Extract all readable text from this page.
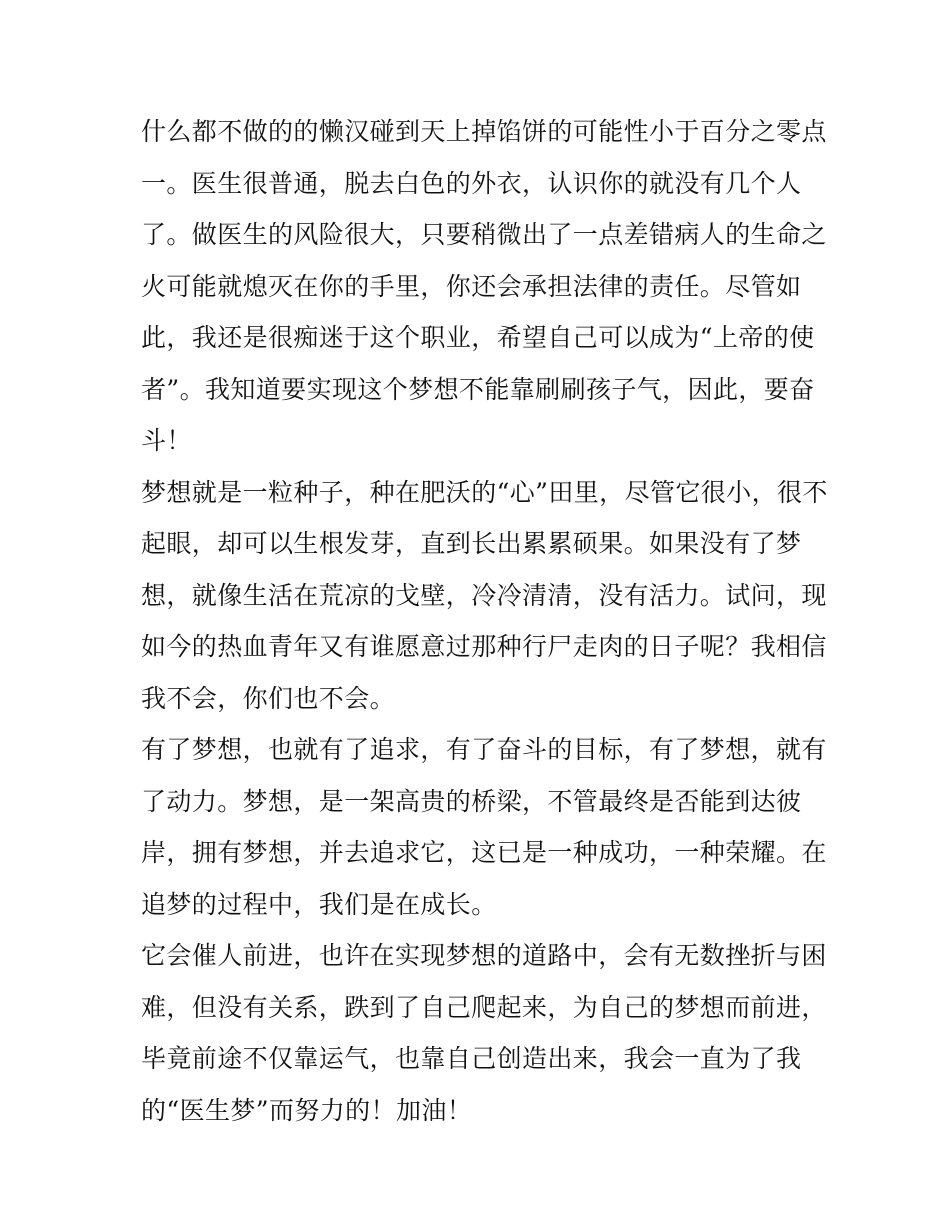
什么都不做的的懒汉碰到天上掉馅饼的可能性小于百分之零点
一。医生很普通，脱去白色的外衣，认识你的就没有几个人
了。做医生的风险很大，只要稍微出了一点差错病人的生命之
火可能就熄灭在你的手里，你还会承担法律的责任。尽管如
此，我还是很痴迷于这个职业，希望自己可以成为“上帝的使
者”。我知道要实现这个梦想不能靠刷刷孩子气，因此，要奋
斗！
梦想就是一粒种子，种在肥沃的“心”田里，尽管它很小，很不
起眼，却可以生根发芽，直到长出累累硕果。如果没有了梦
想，就像生活在荒凉的戈壁，冷冷清清，没有活力。试问，现
如今的热血青年又有谁愿意过那种行尸走肉的日子呢？我相信
我不会，你们也不会。
有了梦想，也就有了追求，有了奋斗的目标，有了梦想，就有
了动力。梦想，是一架高贵的桥梁，不管最终是否能到达彼
岸，拥有梦想，并去追求它，这已是一种成功，一种荣耀。在
追梦的过程中，我们是在成长。
它会催人前进，也许在实现梦想的道路中，会有无数挫折与困
难，但没有关系，跌到了自己爬起来，为自己的梦想而前进，
毕竟前途不仅靠运气，也靠自己创造出来，我会一直为了我
的“医生梦”而努力的！加油！
